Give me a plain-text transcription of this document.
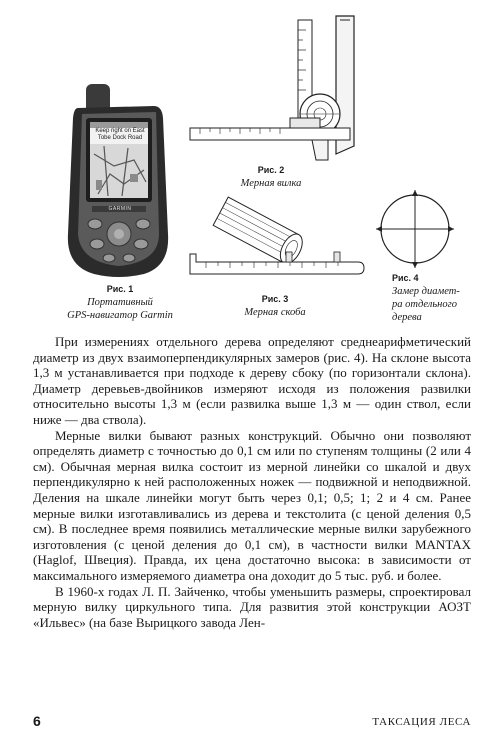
Keep right on East
Tobe Dock Road
GARMIN
Рис. 1
Портативный
GPS-навигатор Garmin
Рис. 2
Мерная вилка
Рис. 3
Мерная скоба
Рис. 4
Замер диамет-
ра отдельного
дерева

При измерениях отдельного дерева определяют среднеарифметический диаметр из двух взаимоперпендикулярных замеров (рис. 4). На склоне высота 1,3 м устанавливается при подходе к дереву сбоку (по горизонтали склона). Диаметр деревьев-двойников измеряют исходя из положения развилки относительно высоты 1,3 м (если развилка выше 1,3 м — один ствол, если ниже — два ствола).

Мерные вилки бывают разных конструкций. Обычно они позволяют определять диаметр с точностью до 0,1 см или по ступеням толщины (2 или 4 см). Обычная мерная вилка состоит из мерной линейки со шкалой и двух перпендикулярно к ней расположенных ножек — подвижной и неподвижной. Деления на шкале линейки могут быть через 0,1; 0,5; 1; 2 и 4 см. Ранее мерные вилки изготавливались из дерева и текстолита (с ценой деления 0,5 см). В последнее время появились металлические мерные вилки зарубежного изготовления (с ценой деления до 0,1 см), в частности вилки MANTAX (Haglof, Швеция). Правда, их цена достаточно высока: в зависимости от максимального измеряемого диаметра она доходит до 5 тыс. руб. и более.

В 1960-х годах Л. П. Зайченко, чтобы уменьшить размеры, спроектировал мерную вилку циркульного типа. Для развития этой конструкции АОЗТ «Ильвес» (на базе Вырицкого завода Лен-

6	ТАКСАЦИЯ ЛЕСА
